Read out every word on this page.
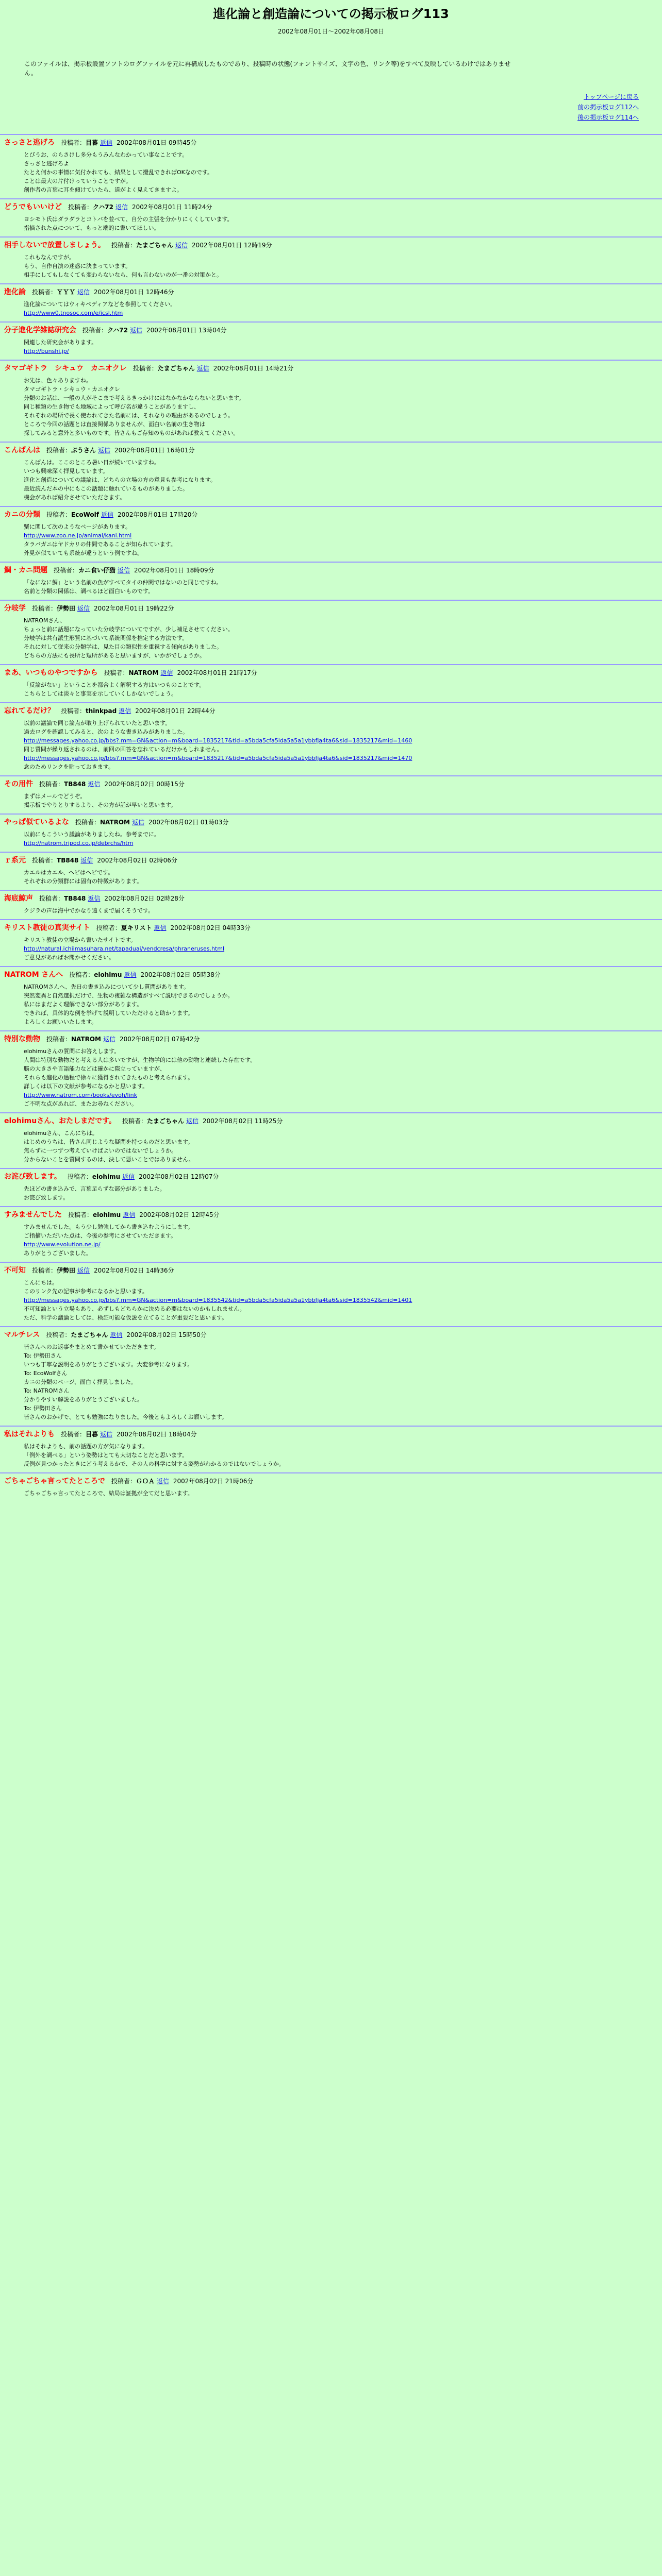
進化論と創造論についての掲示板ログ113
2002年08月01日〜2002年08月08日
このファイルは、掲示板設置ソフトのログファイルを元に再構成したものであり、投稿時の状態(フォントサイズ、文字の色、リンク等)をすべて反映しているわけではありません。
トップページに戻る
前の掲示板ログ112へ
後の掲示板ログ114へ
さっさと逃げろ 投稿者：目暮 返信 2002年08月01日 09時45分
とびうお、のらさけし多分もうみんなわかってい事なことです。
さっさと逃げろよ
たとえ何かの事情に気付かれても、結果として攪乱できればOKなのです。
ことは最大の片付けっていうことですが。
創作者の言葉に耳を傾けていたら、道がよく見えてきますよ。
どうでもいいけど 投稿者：クハ72 返信 2002年08月01日 11時24分
ヨシモト氏はダラダラとコトバを並べて、自分の主張を分かりにくくしています。
指摘された点について、もっと端的に書いてほしい。
相手しないで放置しましょう。 投稿者：たまごちゃん 返信 2002年08月01日 12時19分
これもなんですが。
もう、自作自演の迷惑に決まっています。
相手にしてもしなくても変わらないなら、何も言わないのが一番の対策かと。
進化論 投稿者：ＹＹＹ 返信 2002年08月01日 12時46分
進化論についてはウィキペディアなどを参照してください。
http://www0.tnosoc.com/e/icsl.htm
分子進化学雑誌研究会 投稿者：クハ72 返信 2002年08月01日 13時04分
関連した研究会があります。
http://bunshi.jp/
タマゴギトラ　シキュウ　カニオクレ 投稿者：たまごちゃん 返信 2002年08月01日 14時21分
お先は、色々ありますね。
タマゴギトラ・シキュウ・カニオクレ
分類のお話は、一般の人がそこまで考えるきっかけにはなかなかならないと思います。
同じ種類の生き物でも地域によって呼び名が違うことがありますし、
それぞれの場所で長く使われてきた名前には、それなりの理由があるのでしょう。
ところで今回の話題とは直接関係ありませんが、面白い名前の生き物は
探してみると意外と多いものです。皆さんもご存知のものがあれば教えてください。
こんばんは 投稿者：ぷうさん 返信 2002年08月01日 16時01分
こんばんは。ここのところ暑い日が続いていますね。
いつも興味深く拝見しています。
進化と創造についての議論は、どちらの立場の方の意見も参考になります。
最近読んだ本の中にもこの話題に触れているものがありました。
機会があれば紹介させていただきます。
カニの分類 投稿者：EcoWolf 返信 2002年08月01日 17時20分
蟹に関して次のようなページがあります。
http://www.zoo.ne.jp/animal/kani.html
タラバガニはヤドカリの仲間であることが知られています。
外見が似ていても系統が違うという例ですね。
鯛・カニ問題 投稿者：カニ食い仔猫 返信 2002年08月01日 18時09分
「なになに鯛」という名前の魚がすべてタイの仲間ではないのと同じですね。
名前と分類の関係は、調べるほど面白いものです。
分岐学 投稿者：伊勢田 返信 2002年08月01日 19時22分
NATROMさん、
ちょっと前に話題になっていた分岐学についてですが、少し補足させてください。
分岐学は共有派生形質に基づいて系統関係を推定する方法です。
それに対して従来の分類学は、見た目の類似性を重視する傾向がありました。
どちらの方法にも長所と短所があると思いますが、いかがでしょうか。
まあ、いつものやつですから 投稿者：NATROM 返信 2002年08月01日 21時17分
「反論がない」ということを都合よく解釈する方はいつものことです。
こちらとしては淡々と事実を示していくしかないでしょう。
忘れてるだけ？ 投稿者：thinkpad 返信 2002年08月01日 22時44分
以前の議論で同じ論点が取り上げられていたと思います。
過去ログを確認してみると、次のような書き込みがありました。
http://messages.yahoo.co.jp/bbs?.mm=GN&action=m&board=1835217&tid=a5bda5cfa5ida5a5a1ybbfja4ta6&sid=1835217&mid=1460
同じ質問が繰り返されるのは、前回の回答を忘れているだけかもしれません。
http://messages.yahoo.co.jp/bbs?.mm=GN&action=m&board=1835217&tid=a5bda5cfa5ida5a5a1ybbfja4ta6&sid=1835217&mid=1470
念のためリンクを貼っておきます。
その用件 投稿者：TB848 返信 2002年08月02日 00時15分
まずはメールでどうぞ。
掲示板でやりとりするより、その方が話が早いと思います。
やっぱ似ているよな 投稿者：NATROM 返信 2002年08月02日 01時03分
以前にもこういう議論がありましたね。参考までに。
http://natrom.tripod.co.jp/debrchs/htm
ｒ系元 投稿者：TB848 返信 2002年08月02日 02時06分
カエルはカエル、ヘビはヘビです。
それぞれの分類群には固有の特徴があります。
海底鯨声 投稿者：TB848 返信 2002年08月02日 02時28分
クジラの声は海中でかなり遠くまで届くそうです。
キリスト教徒の真実サイト 投稿者：夏キリスト 返信 2002年08月02日 04時33分
キリスト教徒の立場から書いたサイトです。
http://natural.ichiimasuhara.net/tapaduai/vendcresa/phraneruses.html
ご意見があればお聞かせください。
NATROM さんへ 投稿者：elohimu 返信 2002年08月02日 05時38分
NATROMさんへ、先日の書き込みについて少し質問があります。
突然変異と自然選択だけで、生物の複雑な構造がすべて説明できるのでしょうか。
私にはまだよく理解できない部分があります。
できれば、具体的な例を挙げて説明していただけると助かります。
よろしくお願いいたします。
特別な動物 投稿者：NATROM 返信 2002年08月02日 07時42分
elohimuさんの質問にお答えします。
人間は特別な動物だと考える人は多いですが、生物学的には他の動物と連続した存在です。
脳の大きさや言語能力などは確かに際立っていますが、
それらも進化の過程で徐々に獲得されてきたものと考えられます。
詳しくは以下の文献が参考になるかと思います。
http://www.natrom.com/books/evoh/link
ご不明な点があれば、またお尋ねください。
elohimuさん、おたしまだです。 投稿者：たまごちゃん 返信 2002年08月02日 11時25分
elohimuさん、こんにちは。
はじめのうちは、皆さん同じような疑問を持つものだと思います。
焦らずに一つずつ考えていけばよいのではないでしょうか。
分からないことを質問するのは、決して悪いことではありません。
お詫び致します。 投稿者：elohimu 返信 2002年08月02日 12時07分
先ほどの書き込みで、言葉足らずな部分がありました。
お詫び致します。
すみませんでした 投稿者：elohimu 返信 2002年08月02日 12時45分
すみませんでした。もう少し勉強してから書き込むようにします。
ご指摘いただいた点は、今後の参考にさせていただきます。
http://www.evolution.ne.jp/
ありがとうございました。
不可知 投稿者：伊勢田 返信 2002年08月02日 14時36分
こんにちは。
このリンク先の記事が参考になるかと思います。
http://messages.yahoo.co.jp/bbs?.mm=GN&action=m&board=1835542&tid=a5bda5cfa5ida5a5a1ybbfja4ta6&sid=1835542&mid=1401
不可知論という立場もあり、必ずしもどちらかに決める必要はないのかもしれません。
ただ、科学の議論としては、検証可能な仮説を立てることが重要だと思います。
マルチレス 投稿者：たまごちゃん 返信 2002年08月02日 15時50分
皆さんへのお返事をまとめて書かせていただきます。
To: 伊勢田さん
いつも丁寧な説明をありがとうございます。大変参考になります。
To: EcoWolfさん
カニの分類のページ、面白く拝見しました。
To: NATROMさん
分かりやすい解説をありがとうございました。
To: 伊勢田さん
皆さんのおかげで、とても勉強になりました。今後ともよろしくお願いします。
私はそれよりも 投稿者：目暮 返信 2002年08月02日 18時04分
私はそれよりも、前の話題の方が気になります。
「例外を調べる」という姿勢はとても大切なことだと思います。
反例が見つかったときにどう考えるかで、その人の科学に対する姿勢がわかるのではないでしょうか。
ごちゃごちゃ言ってたところで 投稿者：ＧＯＡ 返信 2002年08月02日 21時06分
ごちゃごちゃ言ってたところで、結局は証拠が全てだと思います。
